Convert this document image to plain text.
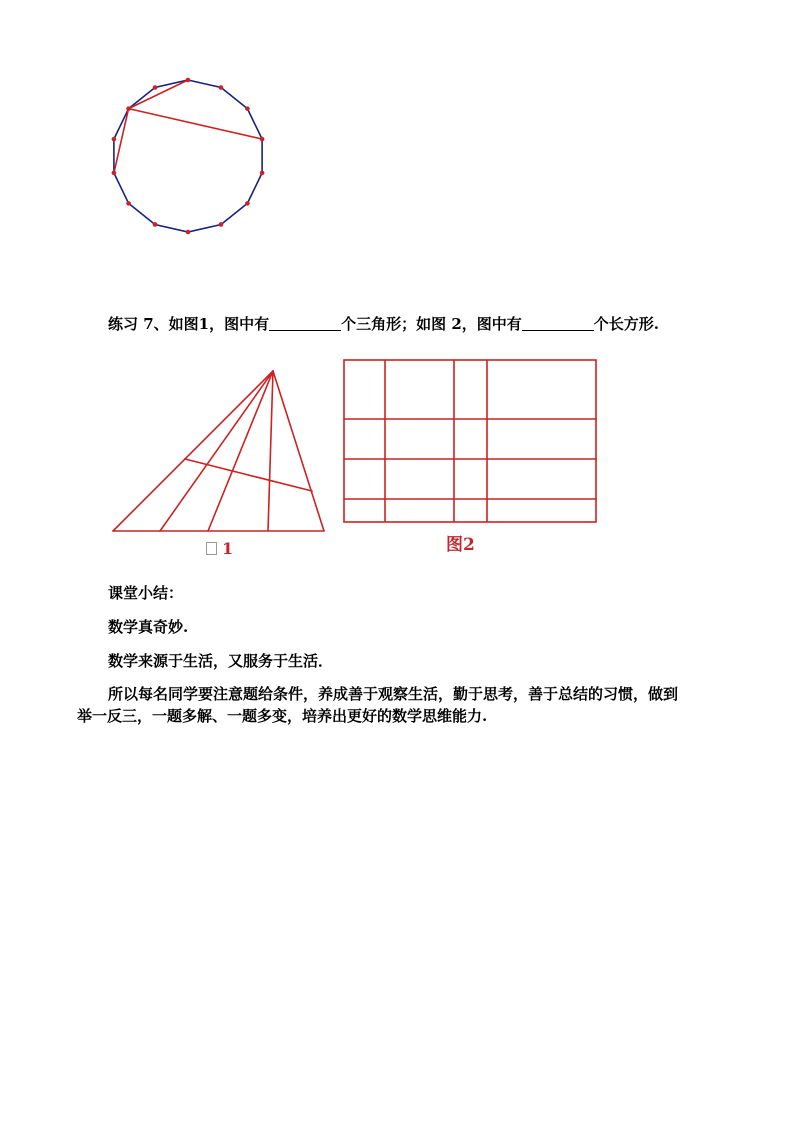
练习 7、如图1，图中有	个三角形；如图 2，图中有	个长方形.
1	图2
课堂小结：
数学真奇妙.
数学来源于生活，又服务于生活．
所以每名同学要注意题给条件，养成善于观察生活，勤于思考，善于总结的习惯，做到
举一反三，一题多解、一题多变，培养出更好的数学思维能力.
